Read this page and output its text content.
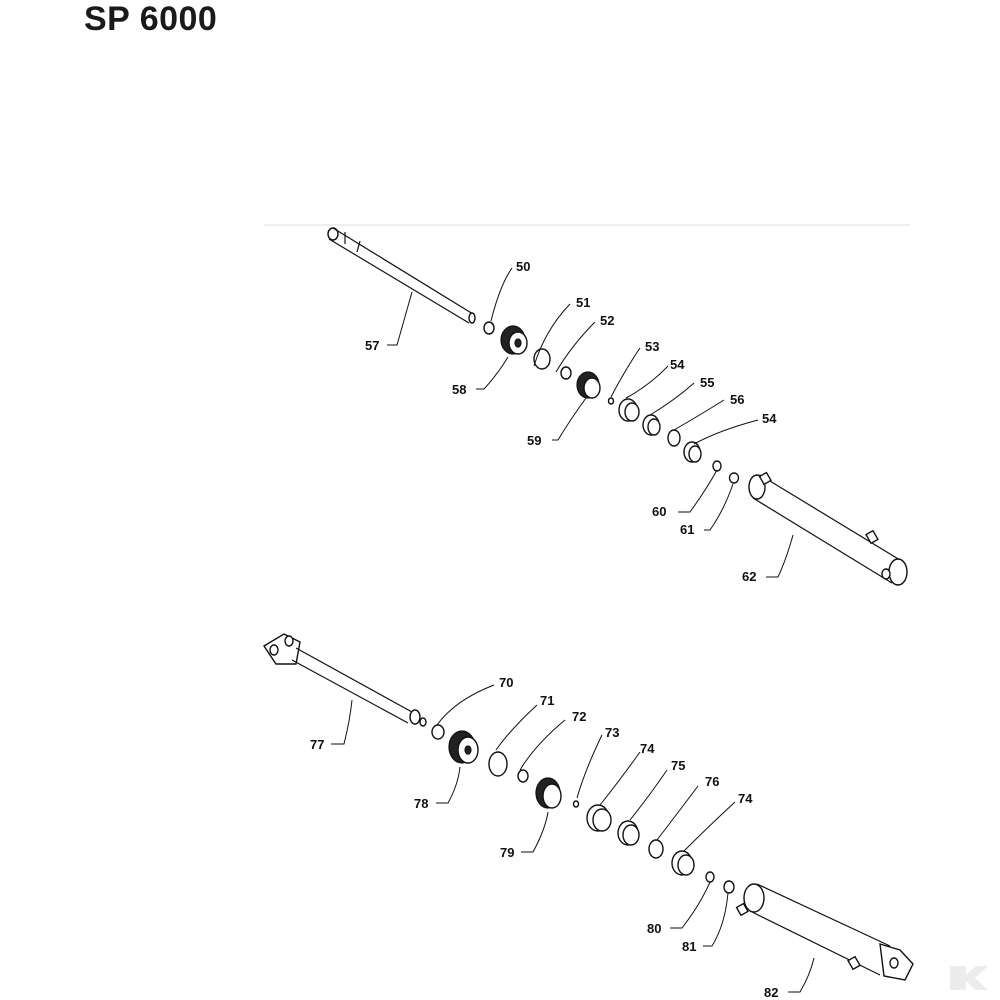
SP 6000
50
51
52
53
54
55
56
54
57
58
59
60
61
62
70
71
72
73
74
75
76
74
77
78
79
80
81
82
